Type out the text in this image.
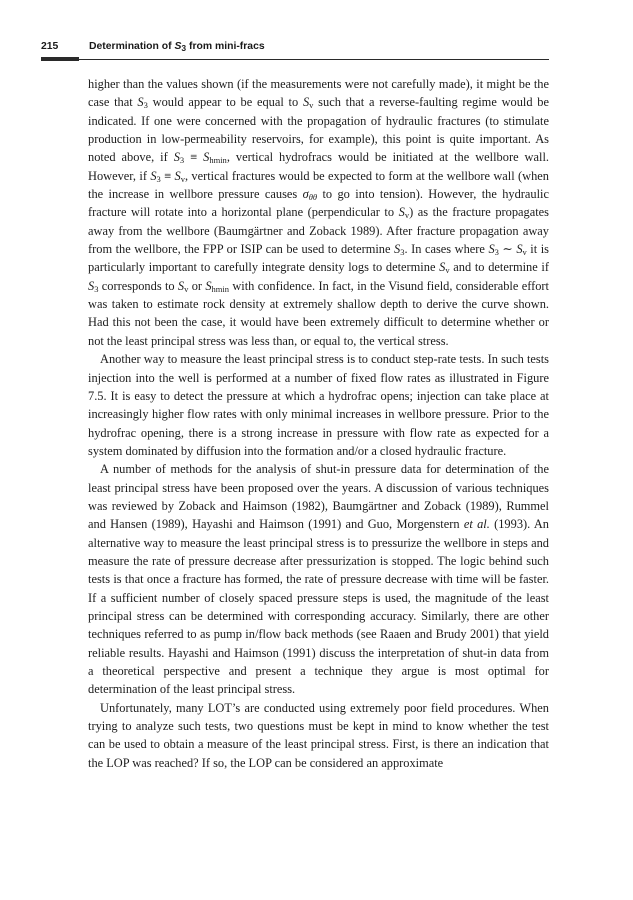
215	Determination of $S_3$ from mini-fracs

higher than the values shown (if the measurements were not carefully made), it might be the case that $S_3$ would appear to be equal to $S_v$ such that a reverse-faulting regime would be indicated. If one were concerned with the propagation of hydraulic fractures (to stimulate production in low-permeability reservoirs, for example), this point is quite important. As noted above, if $S_3 \equiv S_{hmin}$, vertical hydrofracs would be initiated at the wellbore wall. However, if $S_3 \equiv S_v$, vertical fractures would be expected to form at the wellbore wall (when the increase in wellbore pressure causes $\sigma_{\theta\theta}$ to go into tension). However, the hydraulic fracture will rotate into a horizontal plane (perpendicular to $S_v$) as the fracture propagates away from the wellbore (Baumgärtner and Zoback 1989). After fracture propagation away from the wellbore, the FPP or ISIP can be used to determine $S_3$. In cases where $S_3$ ∼ $S_v$ it is particularly important to carefully integrate density logs to determine $S_v$ and to determine if $S_3$ corresponds to $S_v$ or $S_{hmin}$ with confidence. In fact, in the Visund field, considerable effort was taken to estimate rock density at extremely shallow depth to derive the curve shown. Had this not been the case, it would have been extremely difficult to determine whether or not the least principal stress was less than, or equal to, the vertical stress.

Another way to measure the least principal stress is to conduct step-rate tests. In such tests injection into the well is performed at a number of fixed flow rates as illustrated in Figure 7.5. It is easy to detect the pressure at which a hydrofrac opens; injection can take place at increasingly higher flow rates with only minimal increases in wellbore pressure. Prior to the hydrofrac opening, there is a strong increase in pressure with flow rate as expected for a system dominated by diffusion into the formation and/or a closed hydraulic fracture.

A number of methods for the analysis of shut-in pressure data for determination of the least principal stress have been proposed over the years. A discussion of various techniques was reviewed by Zoback and Haimson (1982), Baumgärtner and Zoback (1989), Rummel and Hansen (1989), Hayashi and Haimson (1991) and Guo, Morgenstern et al. (1993). An alternative way to measure the least principal stress is to pressurize the wellbore in steps and measure the rate of pressure decrease after pressurization is stopped. The logic behind such tests is that once a fracture has formed, the rate of pressure decrease with time will be faster. If a sufficient number of closely spaced pressure steps is used, the magnitude of the least principal stress can be determined with corresponding accuracy. Similarly, there are other techniques referred to as pump in/flow back methods (see Raaen and Brudy 2001) that yield reliable results. Hayashi and Haimson (1991) discuss the interpretation of shut-in data from a theoretical perspective and present a technique they argue is most optimal for determination of the least principal stress.

Unfortunately, many LOT’s are conducted using extremely poor field procedures. When trying to analyze such tests, two questions must be kept in mind to know whether the test can be used to obtain a measure of the least principal stress. First, is there an indication that the LOP was reached? If so, the LOP can be considered an approximate
